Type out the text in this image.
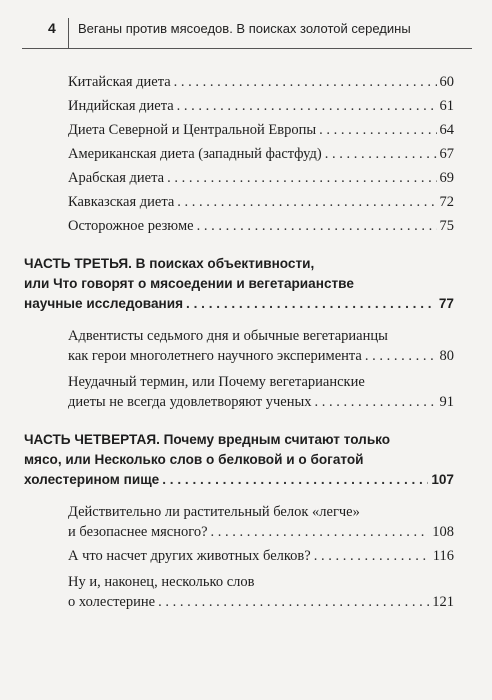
4 Веганы против мясоедов. В поисках золотой середины
Китайская диета . . .	60
Индийская диета . . .	61
Диета Северной и Центральной Европы . . .	64
Американская диета (западный фастфуд) . . .	67
Арабская диета . . .	69
Кавказская диета . . .	72
Осторожное резюме . . .	75
ЧАСТЬ ТРЕТЬЯ. В поисках объективности,
или Что говорят о мясоедении и вегетарианстве
научные исследования . . .	77
Адвентисты седьмого дня и обычные вегетарианцы
как герои многолетнего научного эксперимента . . .	80
Неудачный термин, или Почему вегетарианские
диеты не всегда удовлетворяют ученых . . .	91
ЧАСТЬ ЧЕТВЕРТАЯ. Почему вредным считают только
мясо, или Несколько слов о белковой и о богатой
холестерином пище . . .	107
Действительно ли растительный белок «легче»
и безопаснее мясного? . . .	108
А что насчет других животных белков? . . .	116
Ну и, наконец, несколько слов
о холестерине . . .	121
